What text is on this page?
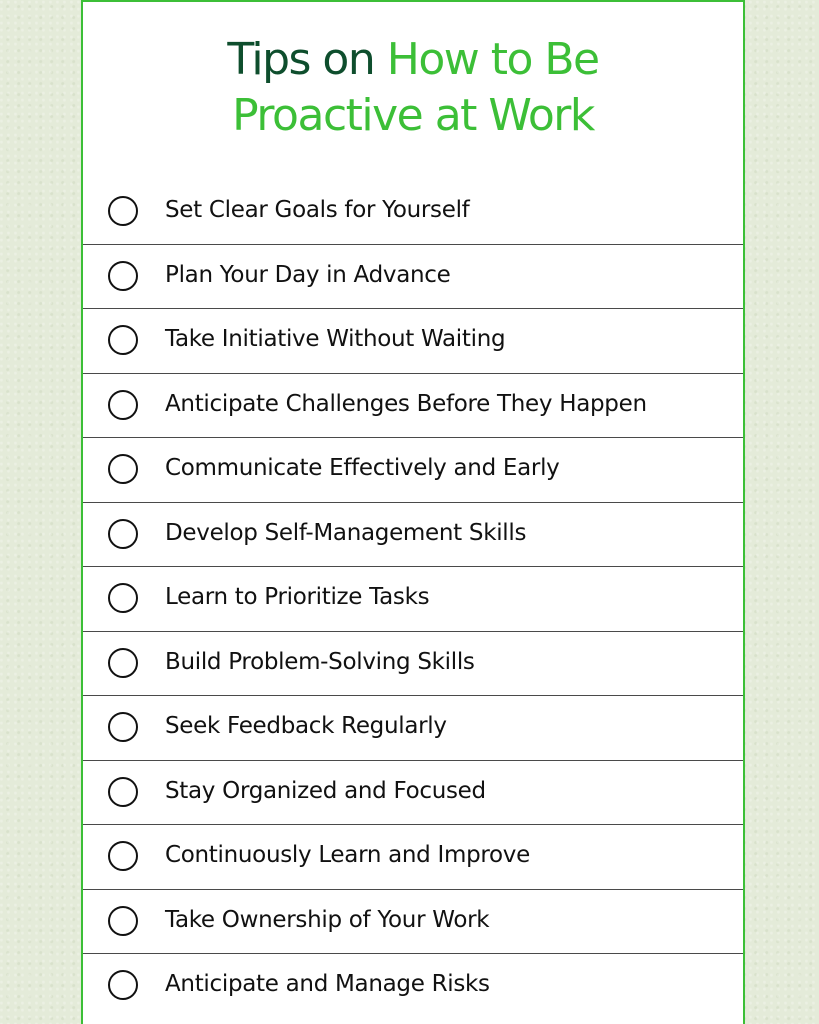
Tips on How to Be
Proactive at Work
Set Clear Goals for Yourself
Plan Your Day in Advance
Take Initiative Without Waiting
Anticipate Challenges Before They Happen
Communicate Effectively and Early
Develop Self-Management Skills
Learn to Prioritize Tasks
Build Problem-Solving Skills
Seek Feedback Regularly
Stay Organized and Focused
Continuously Learn and Improve
Take Ownership of Your Work
Anticipate and Manage Risks
